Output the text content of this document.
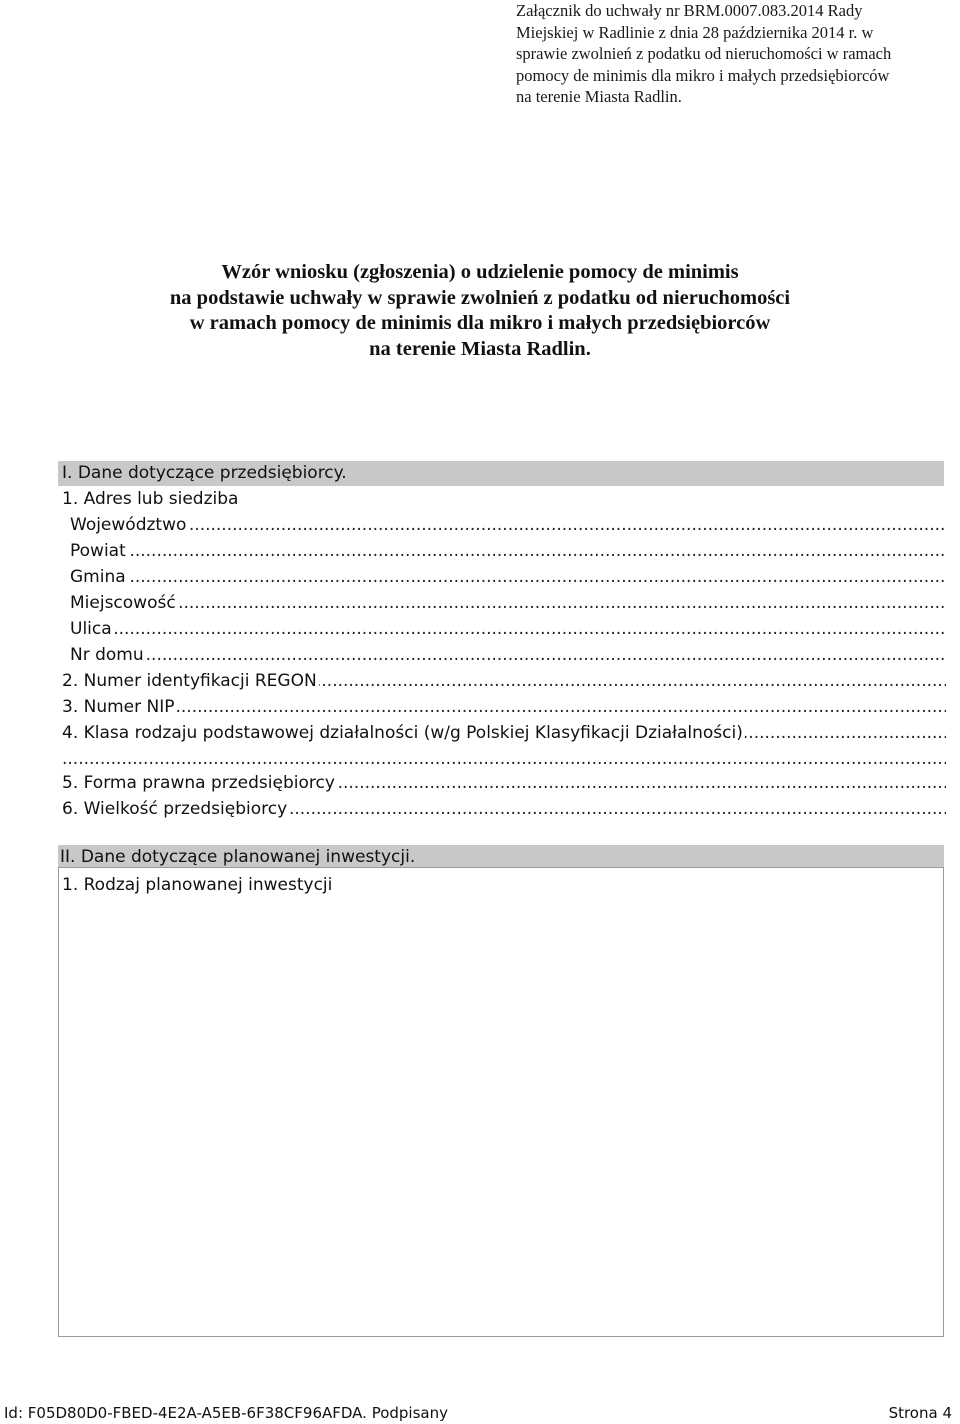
Załącznik do uchwały nr BRM.0007.083.2014 Rady
Miejskiej w Radlinie z dnia 28 października 2014 r. w
sprawie zwolnień z podatku od nieruchomości w ramach
pomocy de minimis dla mikro i małych przedsiębiorców
na terenie Miasta Radlin.
Wzór wniosku (zgłoszenia) o udzielenie pomocy de minimis
na podstawie uchwały w sprawie zwolnień z podatku od nieruchomości
w ramach pomocy de minimis dla mikro i małych przedsiębiorców
na terenie Miasta Radlin.
I. Dane dotyczące przedsiębiorcy.
1. Adres lub siedziba
.....
Województwo
.....
Powiat
.....
Gmina
.....
Miejscowość
.....
Ulica
.....
Nr domu
.....
2. Numer identyfikacji REGON
.....
3. Numer NIP
.....
4. Klasa rodzaju podstawowej działalności (w/g Polskiej Klasyfikacji Działalności)
.....
.....
5. Forma prawna przedsiębiorcy
.....
6. Wielkość przedsiębiorcy
II. Dane dotyczące planowanej inwestycji.
1. Rodzaj planowanej inwestycji
Id: F05D80D0-FBED-4E2A-A5EB-6F38CF96AFDA. Podpisany	Strona 4
